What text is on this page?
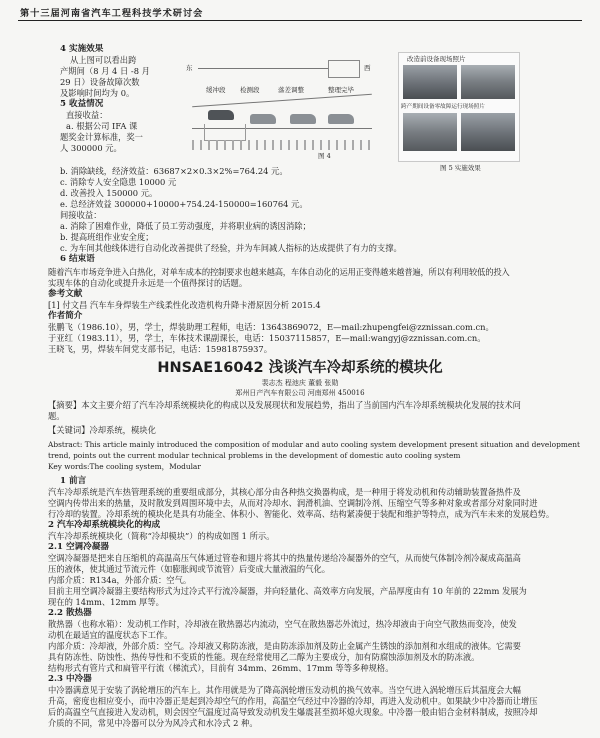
第十三届河南省汽车工程科技学术研讨会
4 实施效果
从上图可以看出跨
产期间（8 月 4 日 -8 月
29 日）设备故障次数
及影响时间均为 0。
5 收益情况
直接收益：
a. 根据公司 IFA 课
题奖金计算标准，奖一
人 300000 元。
东	西
缓冲段 检测段	落差调整	整理完毕
图 4
改造前设备现场照片
跨产期间设备零故障运行现场照片
图 5 实施效果
b. 消除缺线，经济效益：63687×2×0.3×2%=764.24 元。
c. 消除专人安全隐患 10000 元
d. 改善投入 150000 元。
e. 总经济效益 300000+10000+754.24-150000=160764 元。
间接收益：
a. 消除了困难作业，降低了员工劳动强度，并将职业病的诱因消除；
b. 提高班组作业安全度；
c. 为车间其他线体进行自动化改善提供了经验，并为车间减人指标的达成提供了有力的支撑。
6 结束语
随着汽车市场竞争进入白热化，对单车成本的控制要求也越来越高，车体自动化的运用正变得越来越普遍，所以有利用较低的投入
实现车体的自动化或提升永远是一个值得探讨的话题。
参考文献
[1] 付文昌 汽车车身焊装生产线柔性化改造机构升降卡滑原因分析 2015.4
作者简介
张鹏飞（1986.10），男，学士，焊装助理工程师，电话：13643869072，E—mail:zhupengfei@zznissan.com.cn。
于亚红（1983.11），男，学士，车体技术课副课长，电话：15037115857，E—mail:wangyj@zznissan.com.cn。
王晓飞，男，焊装车间党支部书记，电话：15981875937。
HNSAE16042 浅谈汽车冷却系统的模块化
裴志杰 程池庆 董毅 张勋
郑州日产汽车有限公司 河南郑州 450016
【摘要】本文主要介绍了汽车冷却系统模块化的构成以及发展现状和发展趋势，指出了当前国内汽车冷却系统模块化发展的技术问
题。
【关键词】冷却系统，模块化
Abstract: This article mainly introduced the composition of modular and auto cooling system development present situation and development
trend, points out the current modular technical problems in the development of domestic auto cooling system
Key words:The cooling system，Modular
1 前言
汽车冷却系统是汽车热管理系统的重要组成部分，其核心部分由各种热交换器构成，是一种用于将发动机和传动辅助装置备热件及
空调内传带出来的热量，及时散发到周围环境中去，从而对冷却水、润滑机油、空调制冷剂、压缩空气等多种对象或者部分对象同时进
行冷却的装置。冷却系统的模块化是具有功能全、体积小、智能化、效率高、结构紧凑便于装配和维护等特点，成为汽车未来的发展趋势。
2 汽车冷却系统模块化的构成
汽车冷却系统模块化（简称“冷却模块”）的构成如图 1 所示。
2.1 空调冷凝器
空调冷凝器是把来自压缩机的高温高压气体通过管卷和翅片将其中的热量传递给冷凝器外的空气，从而使气体制冷剂冷凝成高温高
压的液体，使其通过节流元件（如膨胀阀或节流管）后变成大量液温的气化。
内部介质：R134a，外部介质：空气。
目前主用空调冷凝器主要结构形式为过冷式平行流冷凝器，并向轻量化、高效率方向发展，产品厚度由有 10 年前的 22mm 发展为
现在的 14mm、12mm 厚等。
2.2 散热器
散热器（也称水箱）：发动机工作时，冷却液在散热器芯内流动，空气在散热器芯外流过，热冷却液由于向空气散热而变冷，使发
动机在最适宜的温度状态下工作。
内部介质：冷却液，外部介质：空气。冷却液又称防冻液，是由防冻添加剂及防止金属产生锈蚀的添加剂和水组成的液体。它需要
具有防冻性、防蚀性、热传导性和不变质的性能。现在经常使用乙二醇为主要成分，加有防腐蚀添加剂及水的防冻液。
结构形式有管片式和扁管平行流（梯流式），目前有 34mm、26mm、17mm 等等多种规格。
2.3 中冷器
中冷器满意见于安装了涡轮增压的汽车上。其作用就是为了降高涡轮增压发动机的换气效率。当空气进入涡轮增压后其温度会大幅
升高，密度也相应变小，而中冷器正是起到冷却空气的作用，高温空气经过中冷器的冷却，再进入发动机中。如果缺少中冷器而让增压
后的高温空气直接进入发动机，则会因空气温度过高导致发动机发生爆震甚至损坏熄火现象。中冷器一般由铝合金材料制成，按照冷却
介质的不同，常见中冷器可以分为风冷式和水冷式 2 种。
